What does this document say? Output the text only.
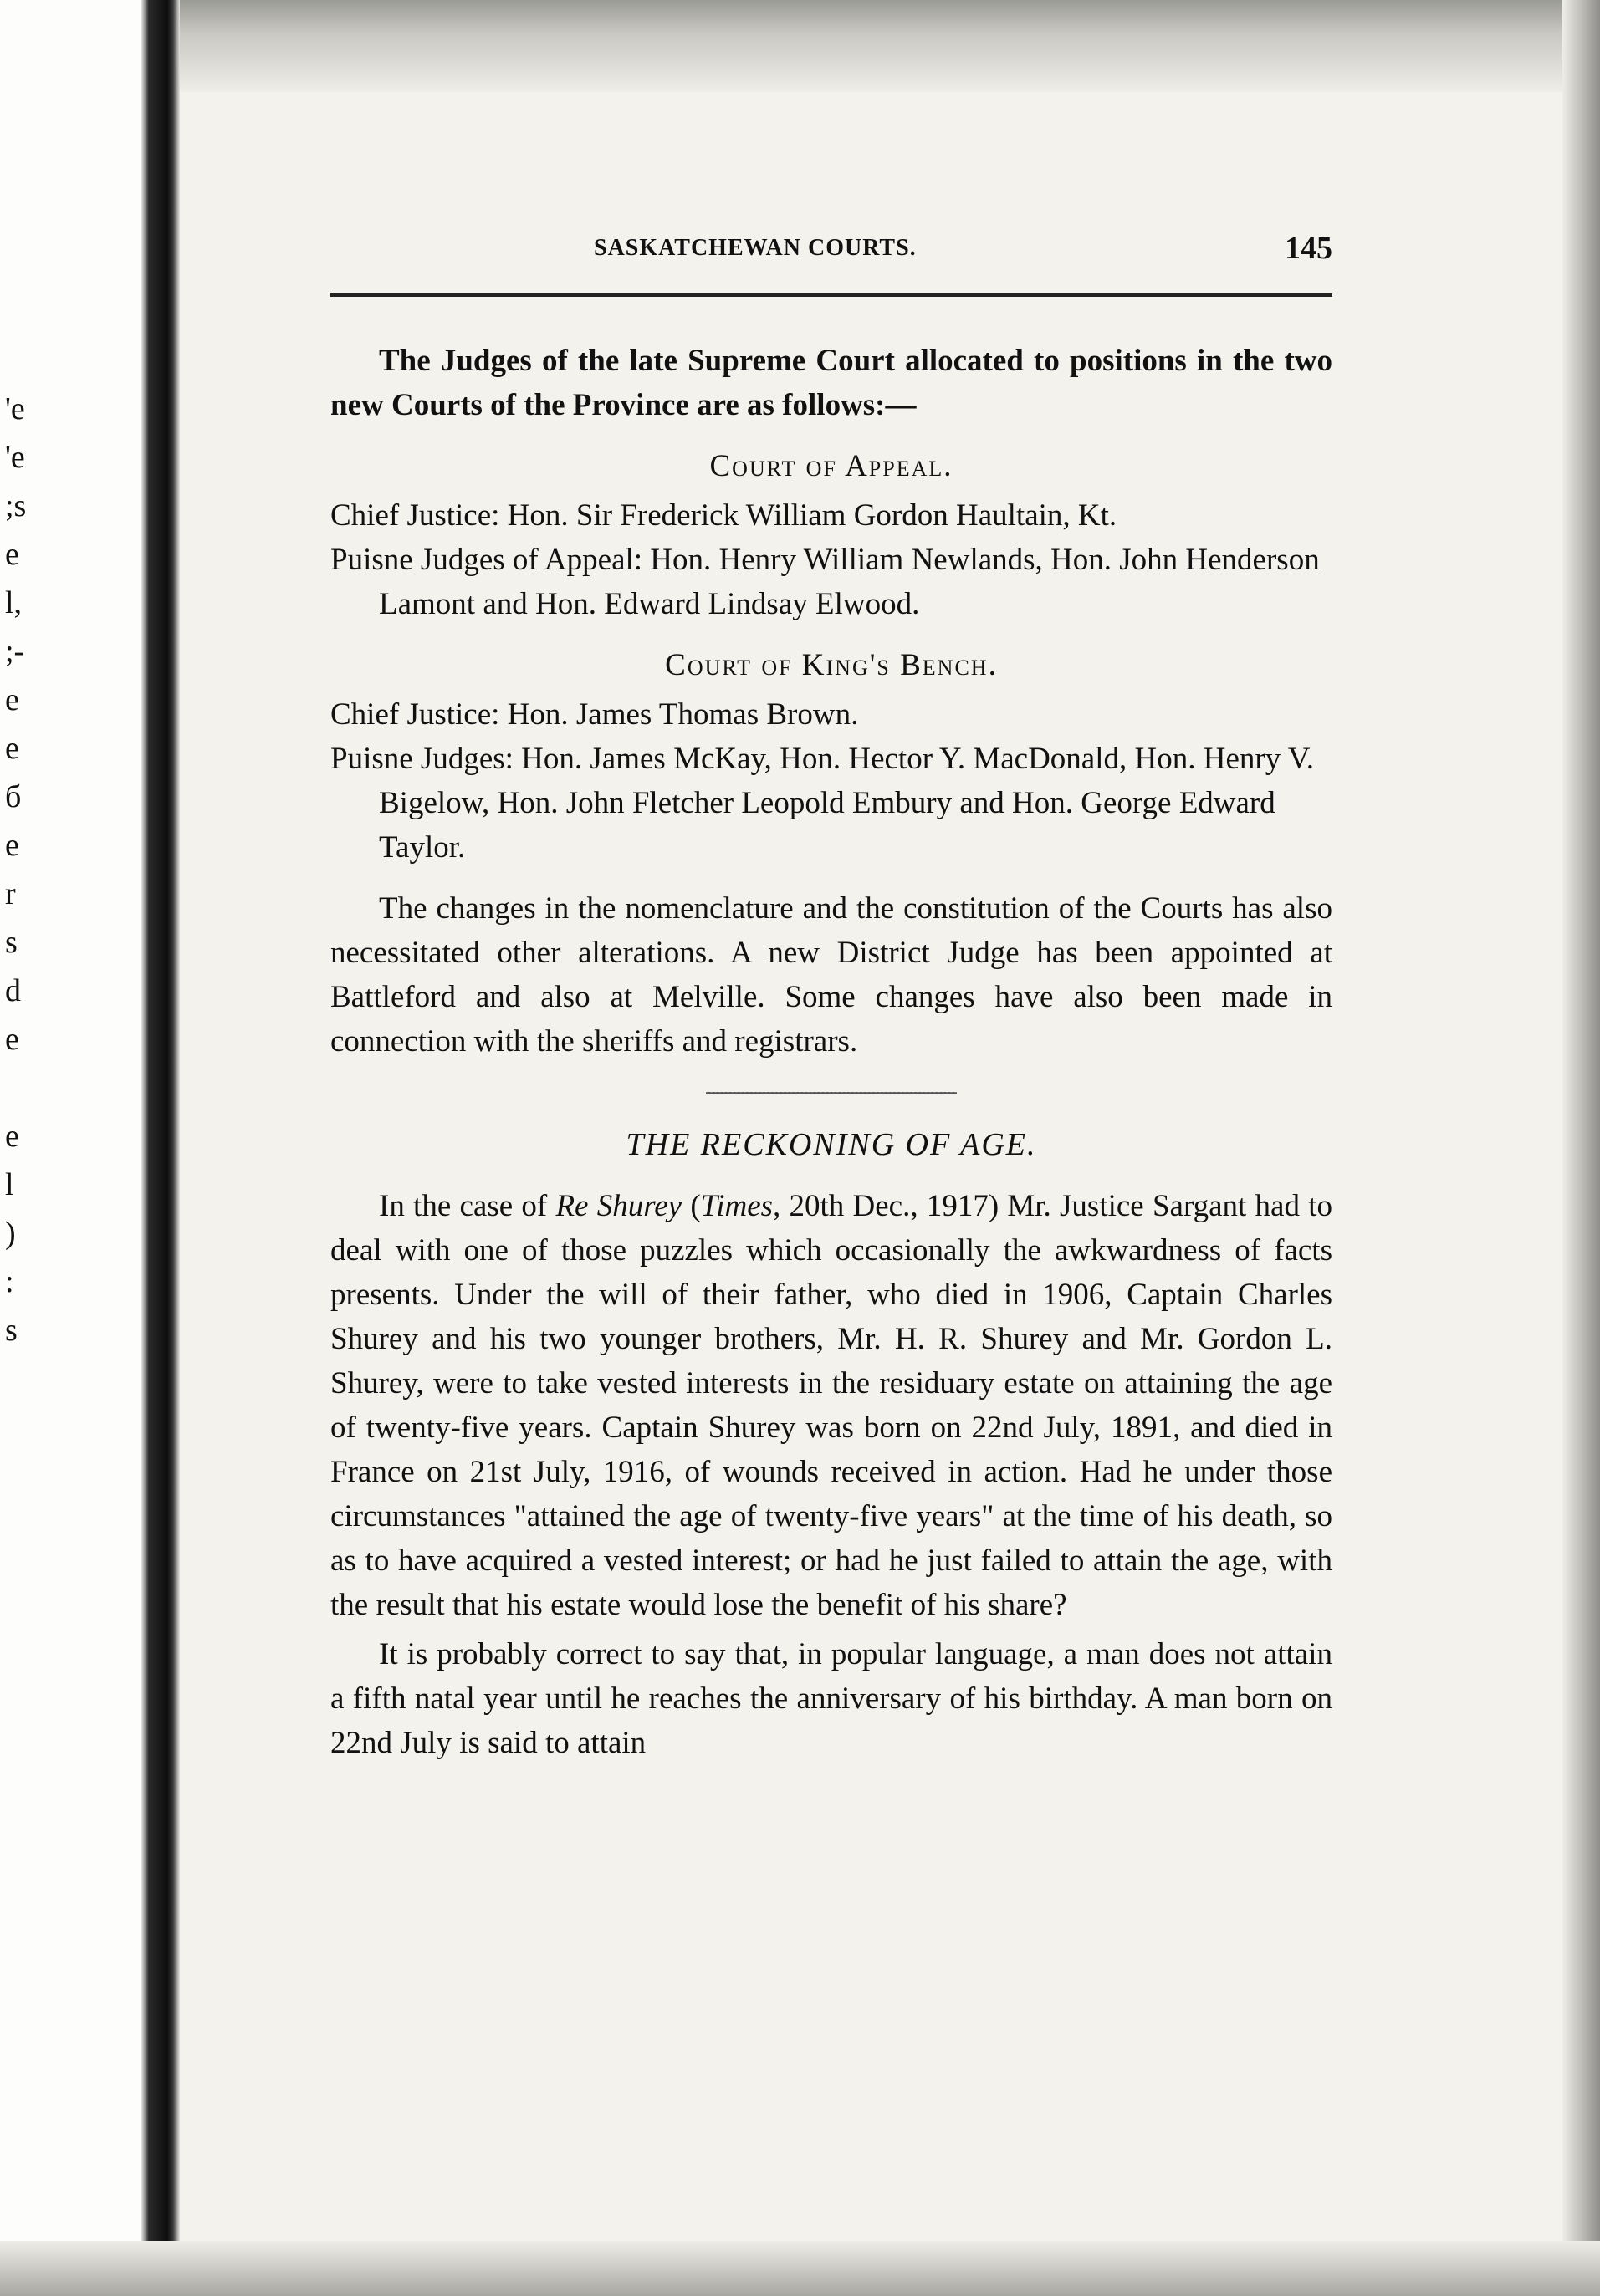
'e
'e
;s
e
l,
;-
e
e
б
e
r
s
d
e
e
l
)
:
s
SASKATCHEWAN COURTS.	145

The Judges of the late Supreme Court allocated to positions in the two new Courts of the Province are as follows:—

Court of Appeal.

Chief Justice: Hon. Sir Frederick William Gordon Haultain, Kt.

Puisne Judges of Appeal: Hon. Henry William Newlands, Hon. John Henderson Lamont and Hon. Edward Lindsay Elwood.

Court of King's Bench.

Chief Justice: Hon. James Thomas Brown.

Puisne Judges: Hon. James McKay, Hon. Hector Y. MacDonald, Hon. Henry V. Bigelow, Hon. John Fletcher Leopold Embury and Hon. George Edward Taylor.

The changes in the nomenclature and the constitution of the Courts has also necessitated other alterations. A new District Judge has been appointed at Battleford and also at Melville. Some changes have also been made in connection with the sheriffs and registrars.

THE RECKONING OF AGE.

In the case of Re Shurey (Times, 20th Dec., 1917) Mr. Justice Sargant had to deal with one of those puzzles which occasionally the awkwardness of facts presents. Under the will of their father, who died in 1906, Captain Charles Shurey and his two younger brothers, Mr. H. R. Shurey and Mr. Gordon L. Shurey, were to take vested interests in the residuary estate on attaining the age of twenty-five years. Captain Shurey was born on 22nd July, 1891, and died in France on 21st July, 1916, of wounds received in action. Had he under those circumstances "attained the age of twenty-five years" at the time of his death, so as to have acquired a vested interest; or had he just failed to attain the age, with the result that his estate would lose the benefit of his share?

It is probably correct to say that, in popular language, a man does not attain a fifth natal year until he reaches the anniversary of his birthday. A man born on 22nd July is said to attain
